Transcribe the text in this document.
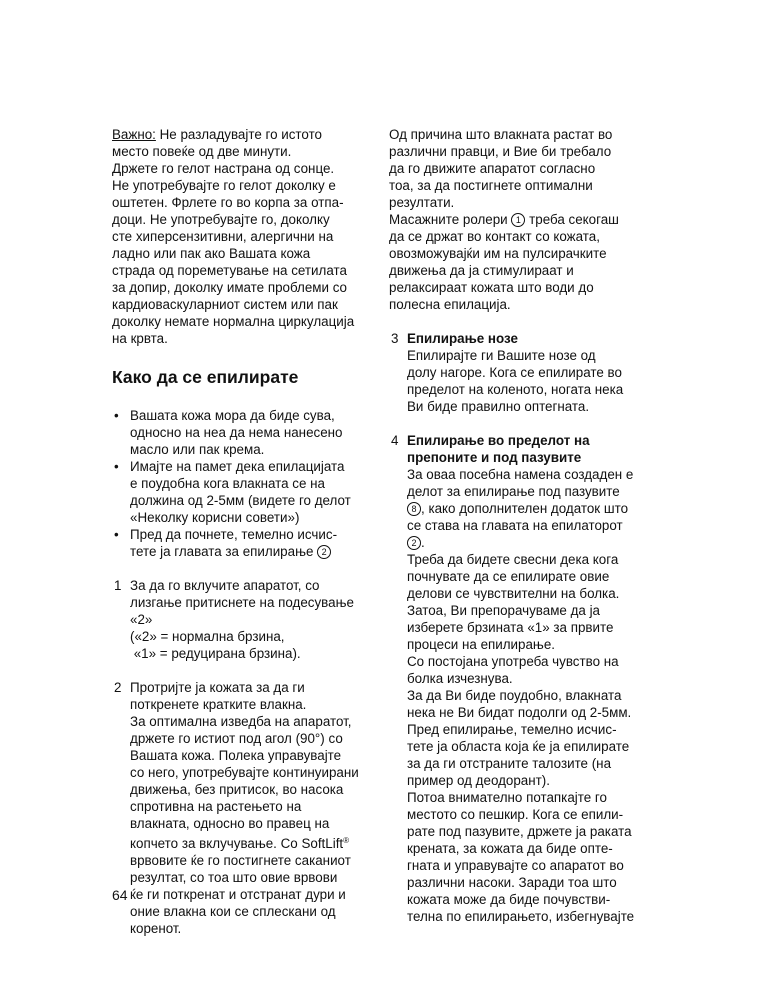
Важно: Не разладувајте го истото
место повеќе од две минути.
Држете го гелот настрана од сонце.
Не употребувајте го гелот доколку е
оштетен. Фрлете го во корпа за отпа-
доци. Не употребувајте го, доколку
сте хиперсензитивни, алергични на
ладно или пак ако Вашата кожа
страда од пореметување на сетилата
за допир, доколку имате проблеми со
кардиоваскуларниот систем или пак
доколку немате нормална циркулација
на крвта.

Како да се епилирате
• Вашата кожа мора да биде сува,
односно на неа да нема нанесено
масло или пак крема.
• Имајте на памет дека епилацијата
е поудобна кога влакната се на
должина од 2-5мм (видете го делот
«Неколку корисни совети»)
• Пред да почнете, темелно исчис-
тете ја главата за епилирање 2
1 За да го вклучите апаратот, со
лизгање притиснете на подесување
«2»
(«2» = нормална брзина,
«1» = редуцирана брзина).
2 Протријте ја кожата за да ги
поткренете кратките влакна.
За оптимална изведба на апаратот,
држете го истиот под агол (90°) со
Вашата кожа. Полека управувајте
со него, употребувајте континуирани
движења, без притисок, во насока
спротивна на растењето на
влакната, односно во правец на
копчето за вклучување. Со SoftLift®
врвовите ќе го постигнете саканиот
резултат, со тоа што овие врвови
ќе ги поткренат и отстранат дури и
оние влакна кои се сплескани од
коренот.

Од причина што влакната растат во
различни правци, и Вие би требало
да го движите апаратот согласно
тоа, за да постигнете оптимални
резултати.
Масажните ролери 1 треба секогаш
да се држат во контакт со кожата,
овозможувајќи им на пулсирачките
движења да ја стимулираат и
релаксираат кожата што води до
полесна епилација.

3 Епилирање нозе
Епилирајте ги Вашите нозе од
долу нагоре. Кога се епилирате во
пределот на коленото, ногата нека
Ви биде правилно оптегната.
4 Епилирање во пределот на
препоните и под пазувите
За оваа посебна намена создаден е
делот за епилирање под пазувите
8 , како дополнителен додаток што
се става на главата на епилаторот
2 .
Треба да бидете свесни дека кога
почнувате да се епилирате овие
делови се чувствителни на болка.
Затоа, Ви препорачуваме да ја
изберете брзината «1» за првите
процеси на епилирање.
Со постојана употреба чувство на
болка изчезнува.
За да Ви биде поудобно, влакната
нека не Ви бидат подолги од 2-5мм.
Пред епилирање, темелно исчис-
тете ја областа која ќе ја епилирате
за да ги отстраните талозите (на
пример од деодорант).
Потоа внимателно потапкајте го
местото со пешкир. Кога се епили-
рате под пазувите, држете ја раката
крената, за кожата да биде опте-
гната и управувајте со апаратот во
различни насоки. Заради тоа што
кожата може да биде почувстви-
телна по епилирањето, избегнувајте
64
